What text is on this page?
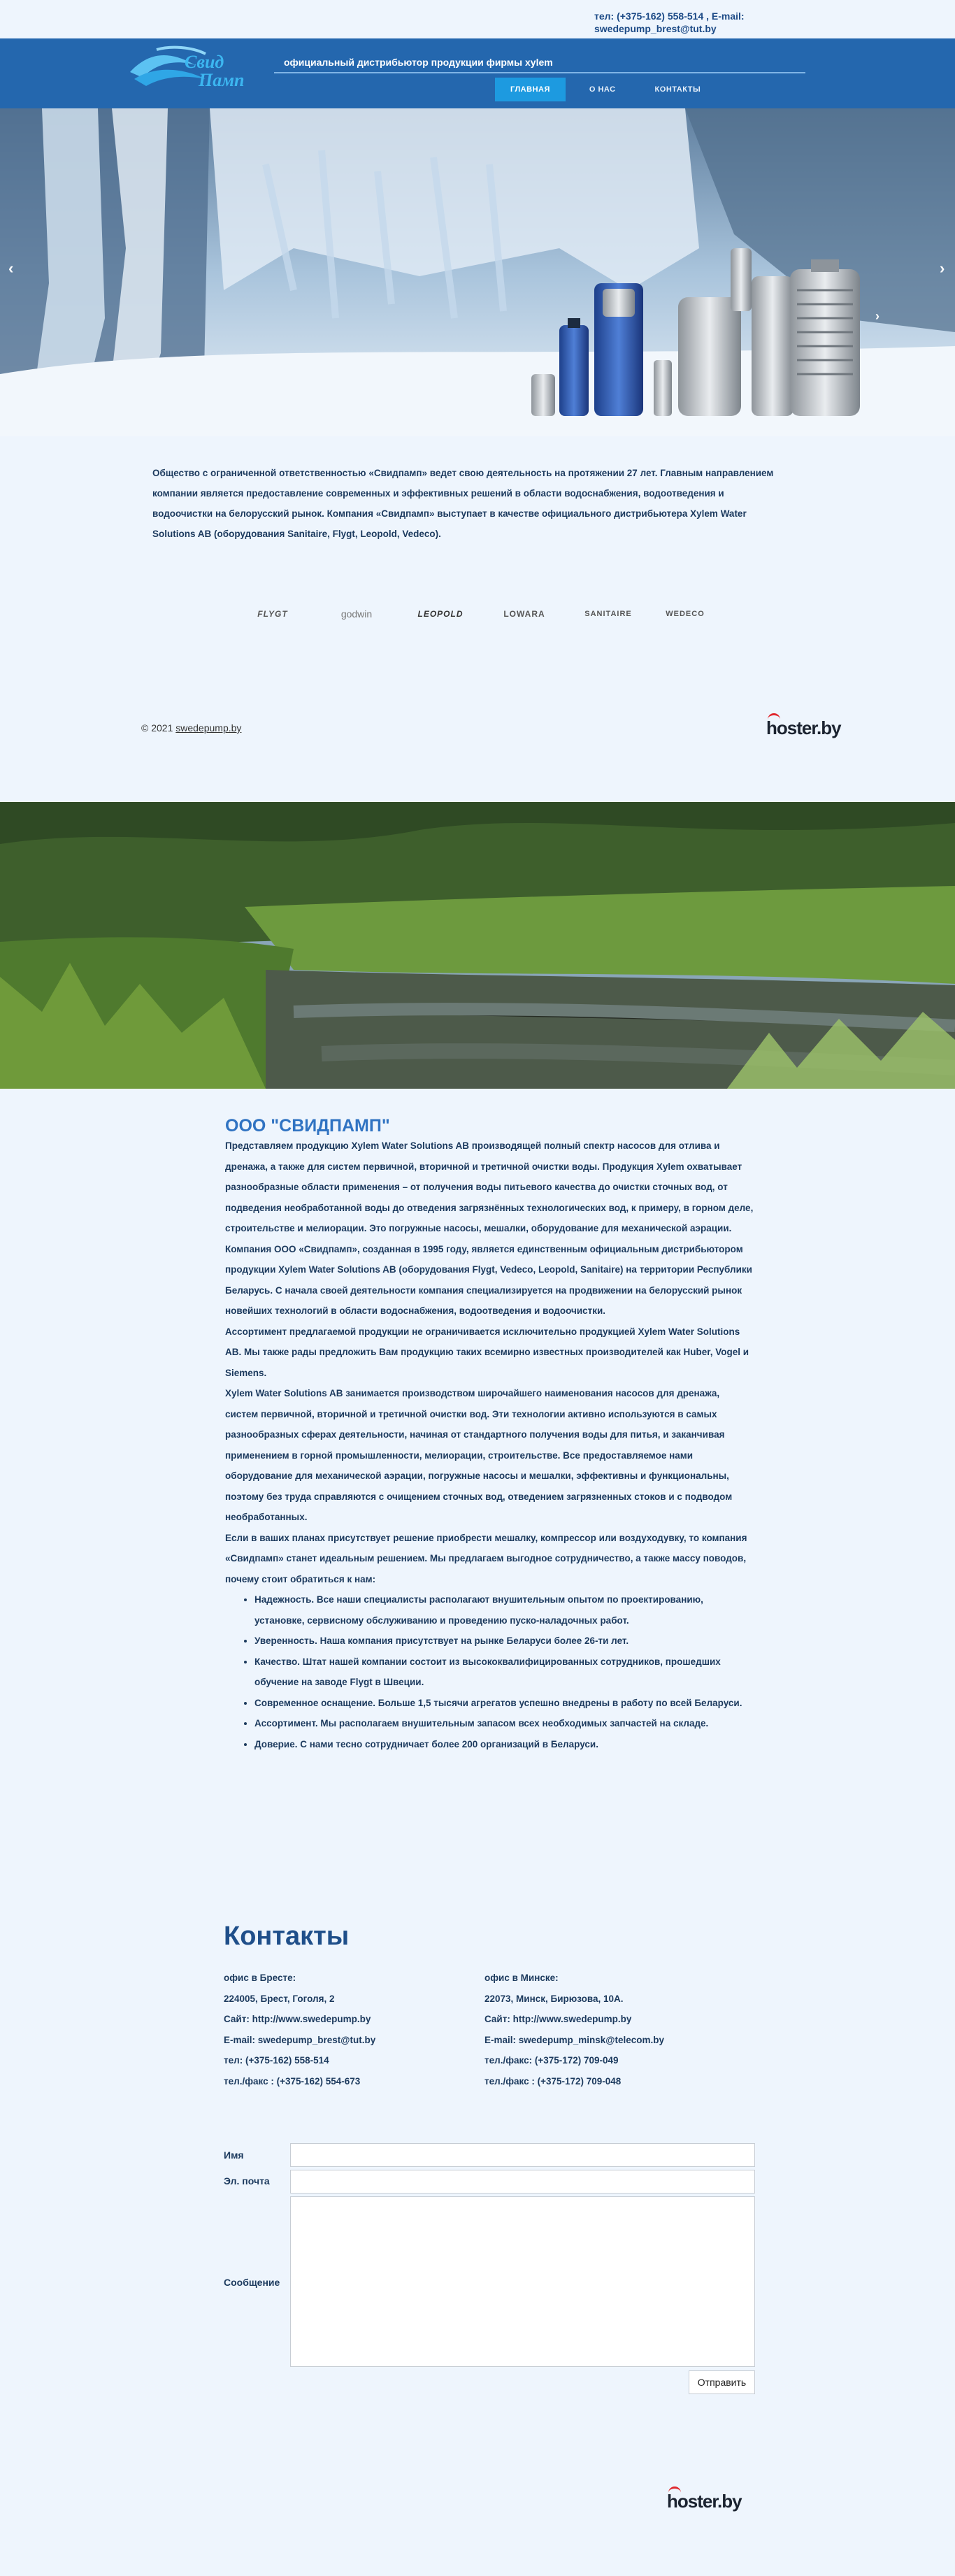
тел: (+375-162) 558-514 , E-mail: swedepump_brest@tut.by
Свид
Памп
официальный дистрибьютор продукции фирмы xylem
ГЛАВНАЯ	О НАС	КОНТАКТЫ
‹	›
›
Общество с ограниченной ответственностью «Свидпамп» ведет свою деятельность на протяжении 27 лет. Главным направлением компании является предоставление современных и эффективных решений в области водоснабжения, водоотведения и водоочистки на белорусский рынок. Компания «Свидпамп» выступает в качестве официального дистрибьютера Xylem Water Solutions AB (оборудования Sanitaire, Flygt, Leopold, Vedeco).
FLYGT	godwin	LEOPOLD	LOWARA	SANITAIRE	WEDECO
© 2021 swedepump.by	hoster.by
ООО "СВИДПАМП"

Представляем продукцию Xylem Water Solutions AB производящей полный спектр насосов для отлива и дренажа, а также для систем первичной, вторичной и третичной очистки воды. Продукция Xylem охватывает разнообразные области применения – от получения воды питьевого качества до очистки сточных вод, от подведения необработанной воды до отведения загрязнённых технологических вод, к примеру, в горном деле, строительстве и мелиорации. Это погружные насосы, мешалки, оборудование для механической аэрации.

Компания ООО «Свидпамп», созданная в 1995 году, является единственным официальным дистрибьютором продукции Xylem Water Solutions AB (оборудования Flygt, Vedeco, Leopold, Sanitaire) на территории Республики Беларусь. С начала своей деятельности компания специализируется на продвижении на белорусский рынок новейших технологий в области водоснабжения, водоотведения и водоочистки.

Ассортимент предлагаемой продукции не ограничивается исключительно продукцией Xylem Water Solutions AB. Мы также рады предложить Вам продукцию таких всемирно известных производителей как Huber, Vogel и Siemens.

Xylem Water Solutions AB занимается производством широчайшего наименования насосов для дренажа, систем первичной, вторичной и третичной очистки вод. Эти технологии активно используются в самых разнообразных сферах деятельности, начиная от стандартного получения воды для питья, и заканчивая применением в горной промышленности, мелиорации, строительстве. Все предоставляемое нами оборудование для механической аэрации, погружные насосы и мешалки, эффективны и функциональны, поэтому без труда справляются с очищением сточных вод, отведением загрязненных стоков и с подводом необработанных.

Если в ваших планах присутствует решение приобрести мешалку, компрессор или воздуходувку, то компания «Свидпамп» станет идеальным решением. Мы предлагаем выгодное сотрудничество, а также массу поводов, почему стоит обратиться к нам:

• Надежность. Все наши специалисты располагают внушительным опытом по проектированию, установке, сервисному обслуживанию и проведению пуско-наладочных работ.
• Уверенность. Наша компания присутствует на рынке Беларуси более 26-ти лет.
• Качество. Штат нашей компании состоит из высококвалифицированных сотрудников, прошедших обучение на заводе Flygt в Швеции.
• Современное оснащение. Больше 1,5 тысячи агрегатов успешно внедрены в работу по всей Беларуси.
• Ассортимент. Мы располагаем внушительным запасом всех необходимых запчастей на складе.
• Доверие. С нами тесно сотрудничает более 200 организаций в Беларуси.
Контакты
офис в Бресте:
224005, Брест, Гоголя, 2
Сайт: http://www.swedepump.by
E-mail: swedepump_brest@tut.by
тел: (+375-162) 558-514
тел./факс : (+375-162) 554-673
офис в Минске:
22073, Минск, Бирюзова, 10А.
Сайт: http://www.swedepump.by
E-mail: swedepump_minsk@telecom.by
тел./факс: (+375-172) 709-049
тел./факс : (+375-172) 709-048
Имя
Эл. почта
Сообщение
Отправить
hoster.by
